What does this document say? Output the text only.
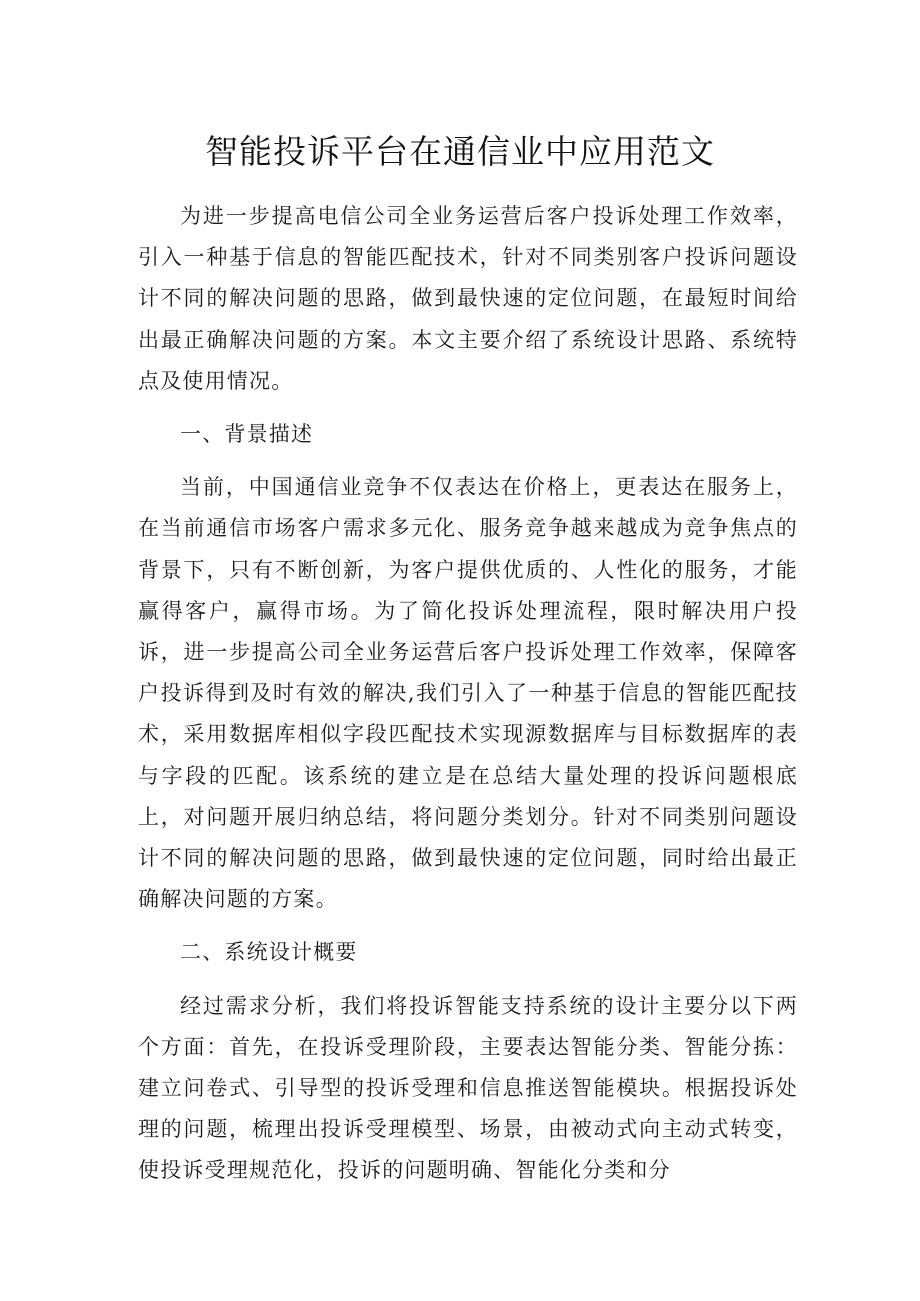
智能投诉平台在通信业中应用范文

为进一步提高电信公司全业务运营后客户投诉处理工作效率，引入一种基于信息的智能匹配技术，针对不同类别客户投诉问题设计不同的解决问题的思路，做到最快速的定位问题，在最短时间给出最正确解决问题的方案。本文主要介绍了系统设计思路、系统特点及使用情况。

一、背景描述

当前，中国通信业竞争不仅表达在价格上，更表达在服务上，在当前通信市场客户需求多元化、服务竞争越来越成为竞争焦点的背景下，只有不断创新，为客户提供优质的、人性化的服务，才能赢得客户，赢得市场。为了简化投诉处理流程，限时解决用户投诉，进一步提高公司全业务运营后客户投诉处理工作效率，保障客户投诉得到及时有效的解决,我们引入了一种基于信息的智能匹配技术，采用数据库相似字段匹配技术实现源数据库与目标数据库的表与字段的匹配。该系统的建立是在总结大量处理的投诉问题根底上，对问题开展归纳总结，将问题分类划分。针对不同类别问题设计不同的解决问题的思路，做到最快速的定位问题，同时给出最正确解决问题的方案。

二、系统设计概要

经过需求分析，我们将投诉智能支持系统的设计主要分以下两个方面：首先，在投诉受理阶段，主要表达智能分类、智能分拣：建立问卷式、引导型的投诉受理和信息推送智能模块。根据投诉处理的问题，梳理出投诉受理模型、场景，由被动式向主动式转变，使投诉受理规范化，投诉的问题明确、智能化分类和分
